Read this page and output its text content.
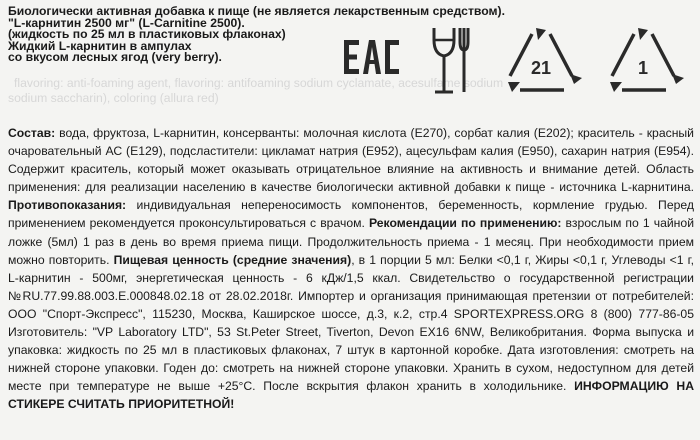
Биологически активная добавка к пище (не является лекарственным средством).
"L-карнитин 2500 мг" (L-Carnitine 2500).
(жидкость по 25 мл в пластиковых флаконах)
Жидкий L-карнитин в ампулах
со вкусом лесных ягод (very berry).
flavoring: anti-foaming agent, flavoring: antifoaming sodium cyclamate, acesulfame sodium
sodium saccharin), coloring (allura red)
EAC
21	1

Состав: вода, фруктоза, L-карнитин, консерванты: молочная кислота (Е270), сорбат калия (Е202); краситель - красный очаровательный АС (Е129), подсластители: цикламат натрия (Е952), ацесульфам калия (Е950), сахарин натрия (Е954). Содержит краситель, который может оказывать отрицательное влияние на активность и внимание детей. Область применения: для реализации населению в качестве биологически активной добавки к пище - источника L-карнитина. Противопоказания: индивидуальная непереносимость компонентов, беременность, кормление грудью. Перед применением рекомендуется проконсультироваться с врачом. Рекомендации по применению: взрослым по 1 чайной ложке (5мл) 1 раз в день во время приема пищи. Продолжительность приема - 1 месяц. При необходимости прием можно повторить. Пищевая ценность (средние значения), в 1 порции 5 мл: Белки <0,1 г, Жиры <0,1 г, Углеводы <1 г, L-карнитин - 500мг, энергетическая ценность - 6 кДж/1,5 ккал. Свидетельство о государственной регистрации №RU.77.99.88.003.Е.000848.02.18 от 28.02.2018г. Импортер и организация принимающая претензии от потребителей: ООО "Спорт-Экспресс", 115230, Москва, Каширское шоссе, д.3, к.2, стр.4 SPORTEXPRESS.ORG 8 (800) 777-86-05 Изготовитель: "VP Laboratory LTD", 53 St.Peter Street, Tiverton, Devon EX16 6NW, Великобритания. Форма выпуска и упаковка: жидкость по 25 мл в пластиковых флаконах, 7 штук в картонной коробке. Дата изготовления: смотреть на нижней стороне упаковки. Годен до: смотреть на нижней стороне упаковки. Хранить в сухом, недоступном для детей месте при температуре не выше +25°С. После вскрытия флакон хранить в холодильнике. ИНФОРМАЦИЮ НА СТИКЕРЕ СЧИТАТЬ ПРИОРИТЕТНОЙ!
